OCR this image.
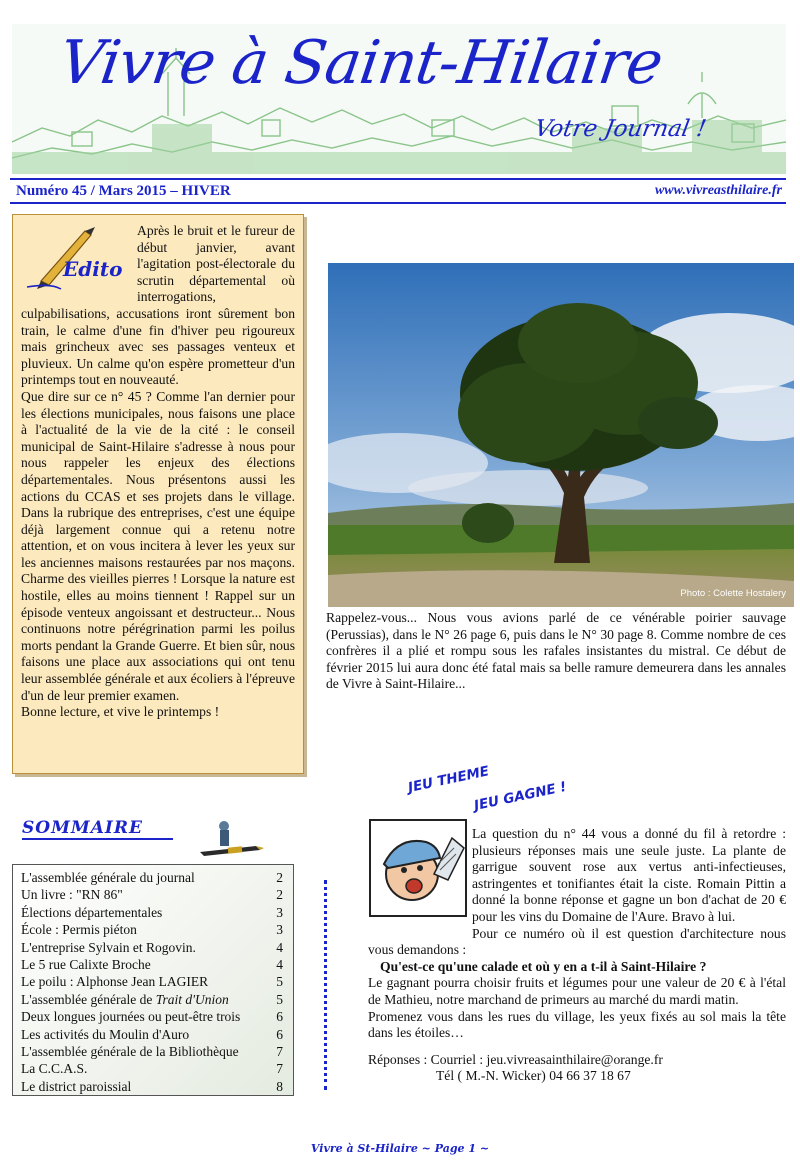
Vivre à Saint-Hilaire
Votre Journal !
Numéro 45 / Mars 2015 – HIVER	www.vivreasthilaire.fr
Edito

Après le bruit et le fureur de début janvier, avant l'agitation post-électorale du scrutin départemental où interrogations, culpabilisations, accusations iront sûrement bon train, le calme d'une fin d'hiver peu rigoureux mais grincheux avec ses passages venteux et pluvieux. Un calme qu'on espère prometteur d'un printemps tout en nouveauté.

Que dire sur ce n° 45 ? Comme l'an dernier pour les élections municipales, nous faisons une place à l'actualité de la vie de la cité : le conseil municipal de Saint-Hilaire s'adresse à nous pour nous rappeler les enjeux des élections départementales. Nous présentons aussi les actions du CCAS et ses projets dans le village. Dans la rubrique des entreprises, c'est une équipe déjà largement connue qui a retenu notre attention, et on vous incitera à lever les yeux sur les anciennes maisons restaurées par nos maçons. Charme des vieilles pierres ! Lorsque la nature est hostile, elles au moins tiennent ! Rappel sur un épisode venteux angoissant et destructeur... Nous continuons notre pérégrination parmi les poilus morts pendant la Grande Guerre. Et bien sûr, nous faisons une place aux associations qui ont tenu leur assemblée générale et aux écoliers à l'épreuve d'un de leur premier examen.

Bonne lecture, et vive le printemps !

Photo : Colette Hostalery

Rappelez-vous... Nous vous avions parlé de ce vénérable poirier sauvage (Perussias), dans le N° 26 page 6, puis dans le N° 30 page 8. Comme nombre de ces confrères il a plié et rompu sous les rafales insistantes du mistral. Ce début de février 2015 lui aura donc été fatal mais sa belle ramure demeurera dans les annales de Vivre à Saint-Hilaire...

SOMMAIRE
L'assemblée générale du journal	2
Un livre : "RN 86"	2
Élections départementales	3
École : Permis piéton	3
L'entreprise Sylvain et Rogovin.	4
Le 5 rue Calixte Broche	4
Le poilu : Alphonse Jean LAGIER	5
L'assemblée générale de Trait d'Union	5
Deux longues journées ou peut-être trois	6
Les activités du Moulin d'Auro	6
L'assemblée générale de la Bibliothèque	7
La C.C.A.S.	7
Le district paroissial	8
JEU THEME
JEU GAGNE !

La question du n° 44 vous a donné du fil à retordre : plusieurs réponses mais une seule juste. La plante de garrigue souvent rose aux vertus anti-infectieuses, astringentes et tonifiantes était la ciste. Romain Pittin a donné la bonne réponse et gagne un bon d'achat de 20 € pour les vins du Domaine de l'Aure. Bravo à lui.

Pour ce numéro où il est question d'architecture nous vous demandons :

Qu'est-ce qu'une calade et où y en a t-il à Saint-Hilaire ?

Le gagnant pourra choisir fruits et légumes pour une valeur de 20 € à l'étal de Mathieu, notre marchand de primeurs au marché du mardi matin.

Promenez vous dans les rues du village, les yeux fixés au sol mais la tête dans les étoiles…

Réponses : Courriel : jeu.vivreasainthilaire@orange.fr

Tél ( M.-N. Wicker) 04 66 37 18 67

Vivre à St-Hilaire ~ Page 1 ~
